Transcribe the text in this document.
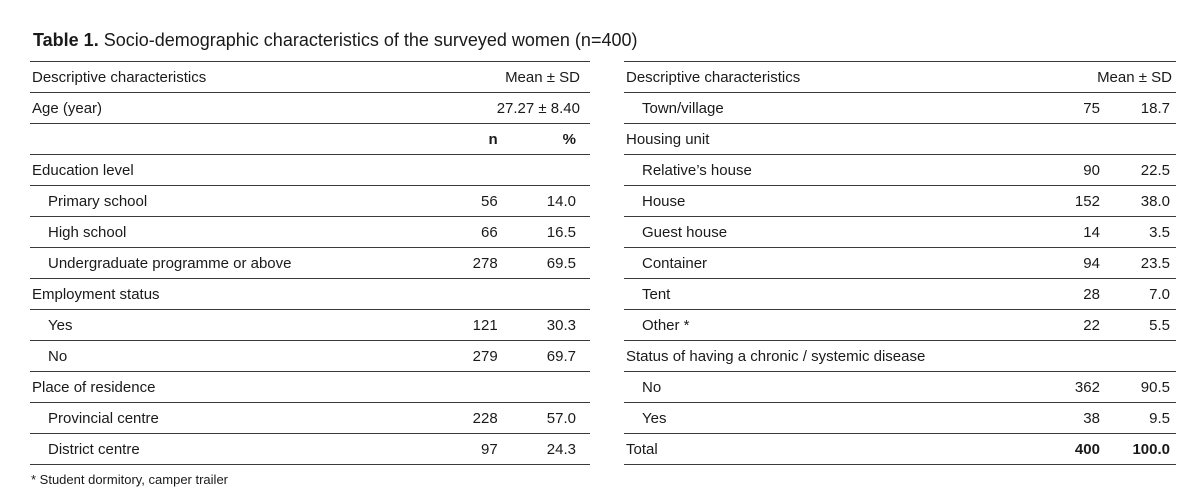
Table 1. Socio-demographic characteristics of the surveyed women (n=400)
Descriptive characteristics	Mean ± SD	
Age (year)	27.27 ± 8.40	
	n	%
Education level		
Primary school	56	14.0
High school	66	16.5
Undergraduate programme or above	278	69.5
Employment status		
Yes	121	30.3
No	279	69.7
Place of residence		
Provincial centre	228	57.0
District centre	97	24.3
Descriptive characteristics	Mean ± SD	
Town/village	75	18.7
Housing unit		
Relative’s house	90	22.5
House	152	38.0
Guest house	14	3.5
Container	94	23.5
Tent	28	7.0
Other *	22	5.5
Status of having a chronic / systemic disease		
No	362	90.5
Yes	38	9.5
Total	400	100.0
* Student dormitory, camper trailer
